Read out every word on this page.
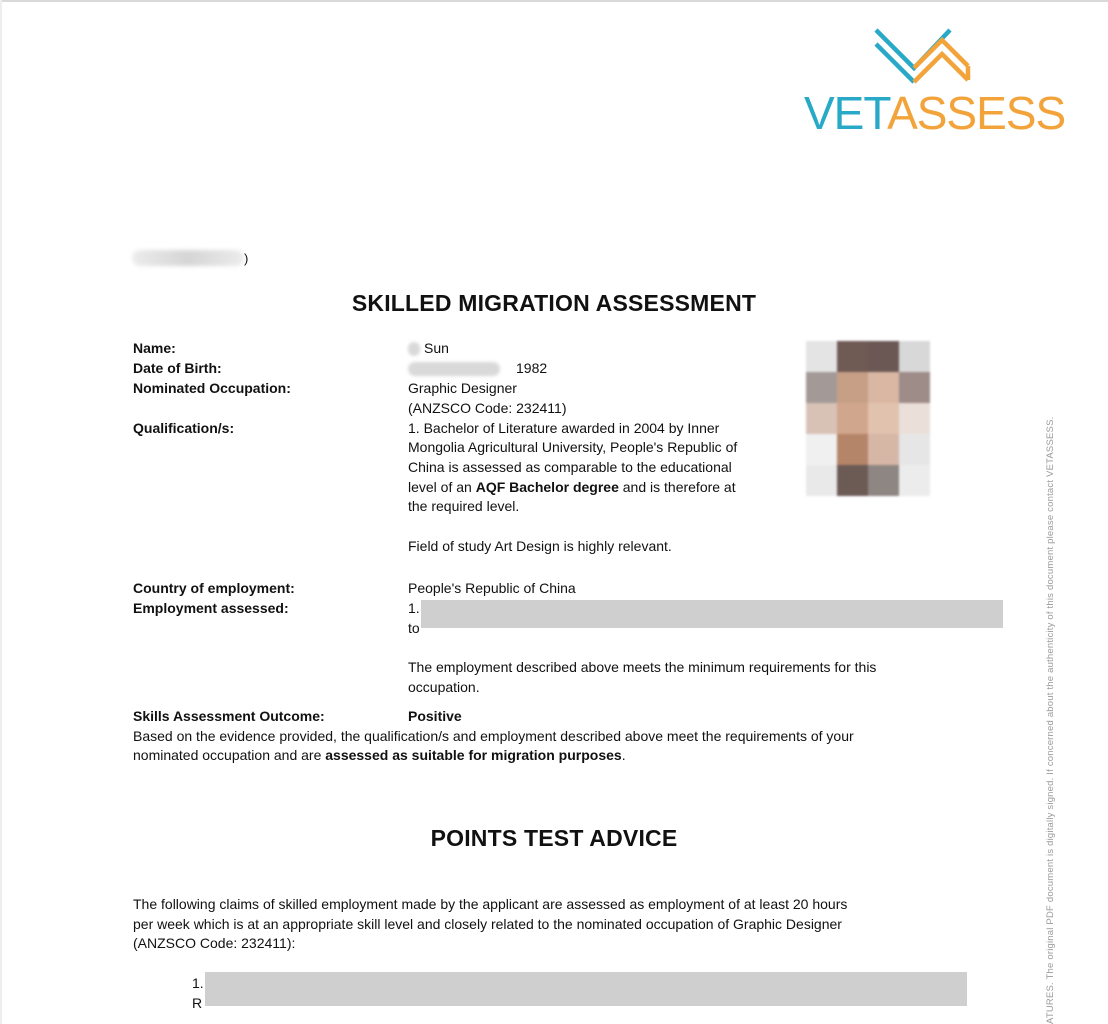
VETASSESS
ATURES. The original PDF document is digitally signed. If concerned about the authenticity of this document please contact VETASSESS.
)
SKILLED MIGRATION ASSESSMENT
Name:	Sun
Date of Birth:	1982
Nominated Occupation:	Graphic Designer
(ANZSCO Code: 232411)
Qualification/s:	1. Bachelor of Literature awarded in 2004 by Inner
Mongolia Agricultural University, People's Republic of
China is assessed as comparable to the educational
level of an AQF Bachelor degree and is therefore at
the required level.
Field of study Art Design is highly relevant.
Country of employment:	People's Republic of China
Employment assessed:	1.
to
The employment described above meets the minimum requirements for this
occupation.
Skills Assessment Outcome:	Positive
Based on the evidence provided, the qualification/s and employment described above meet the requirements of your
nominated occupation and are assessed as suitable for migration purposes.
POINTS TEST ADVICE
The following claims of skilled employment made by the applicant are assessed as employment of at least 20 hours
per week which is at an appropriate skill level and closely related to the nominated occupation of Graphic Designer
(ANZSCO Code: 232411):
1.
R
